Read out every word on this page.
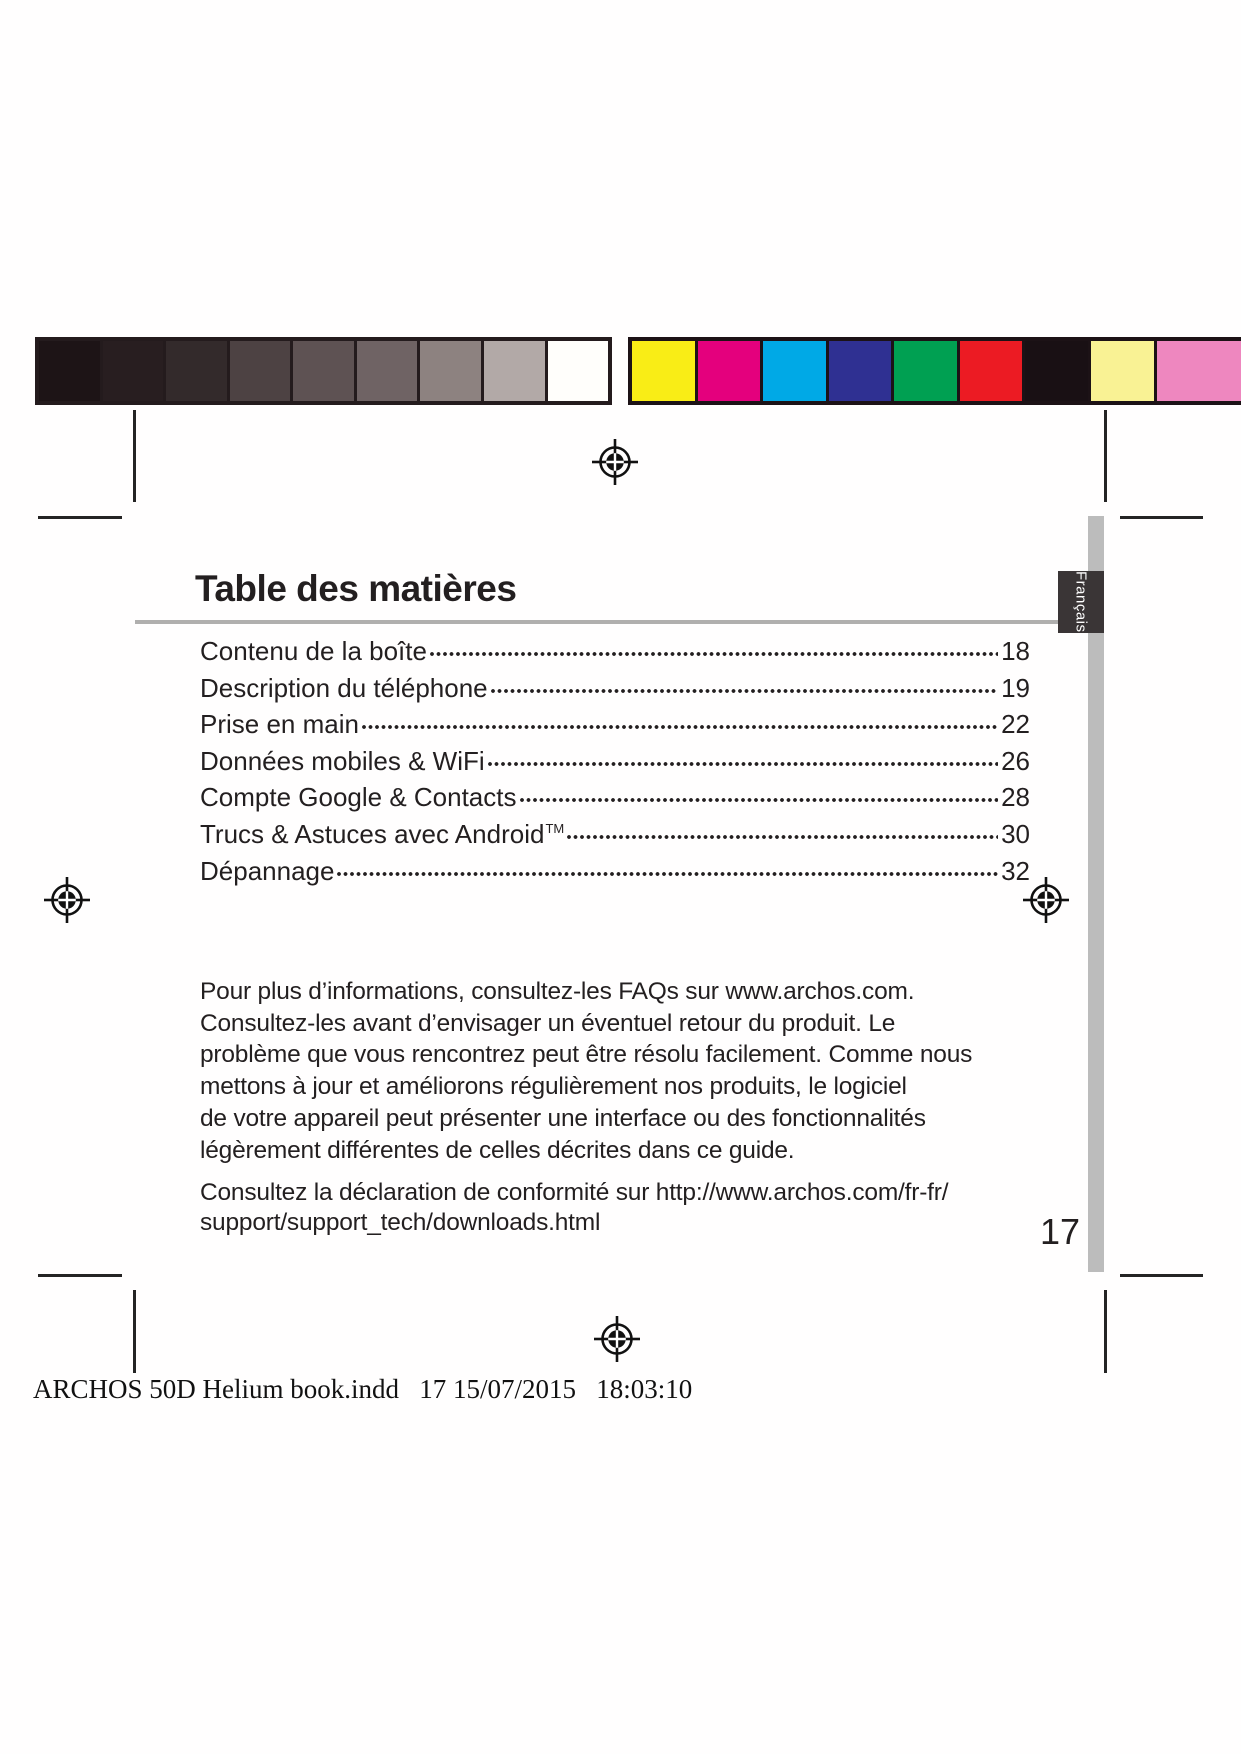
Table des matières	Français
Contenu de la boîte	18
Description du téléphone	19
Prise en main	22
Données mobiles & WiFi	26
Compte Google & Contacts	28
Trucs & Astuces avec Android™	30
Dépannage	32
Pour plus d’informations, consultez-les FAQs sur www.archos.com.
Consultez-les avant d’envisager un éventuel retour du produit. Le
problème que vous rencontrez peut être résolu facilement. Comme nous
mettons à jour et améliorons régulièrement nos produits, le logiciel
de votre appareil peut présenter une interface ou des fonctionnalités
légèrement différentes de celles décrites dans ce guide.
Consultez la déclaration de conformité sur http://www.archos.com/fr-fr/
support/support_tech/downloads.html	17
ARCHOS 50D Helium book.indd   17 15/07/2015   18:03:10
